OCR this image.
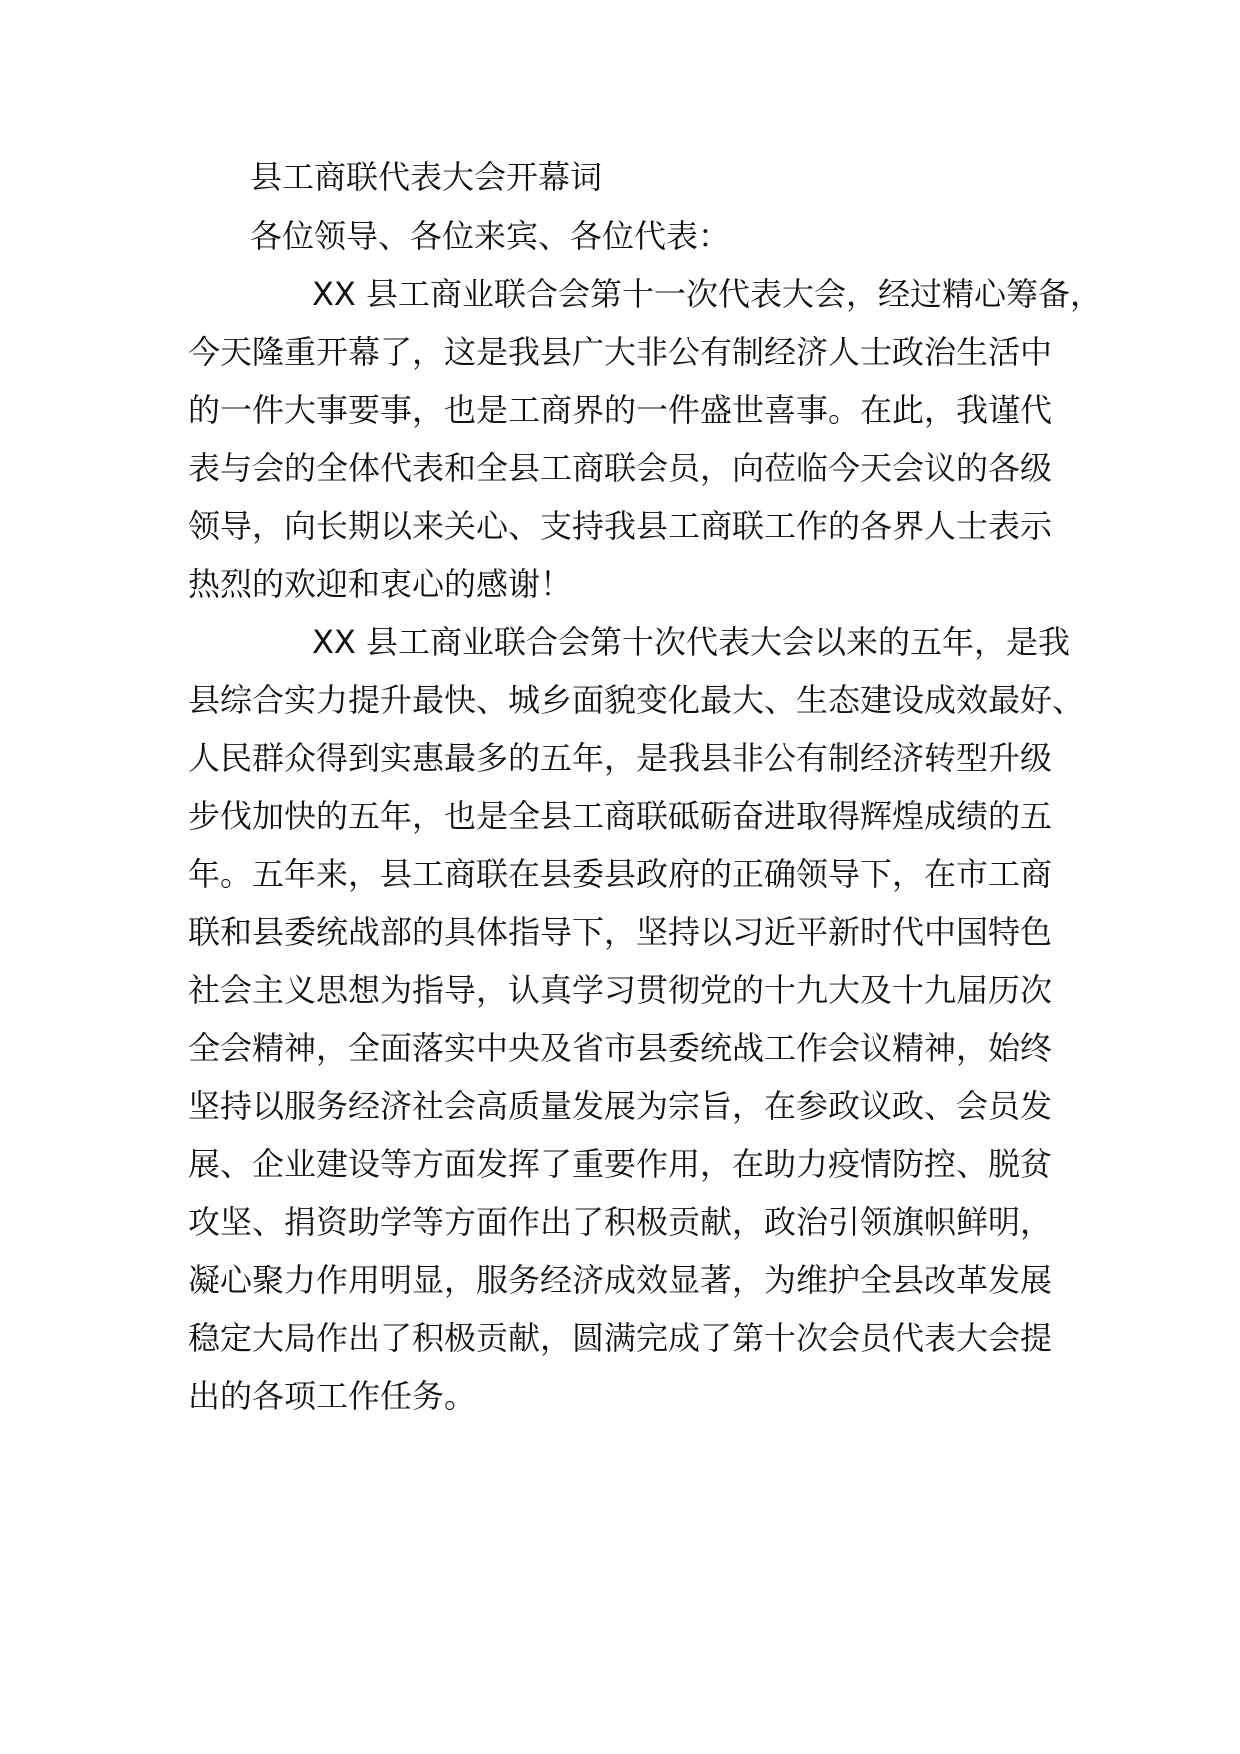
县工商联代表大会开幕词
各位领导、各位来宾、各位代表：
XX 县工商业联合会第十一次代表大会，经过精心筹备，
今天隆重开幕了，这是我县广大非公有制经济人士政治生活中
的一件大事要事，也是工商界的一件盛世喜事。在此，我谨代
表与会的全体代表和全县工商联会员，向莅临今天会议的各级
领导，向长期以来关心、支持我县工商联工作的各界人士表示
热烈的欢迎和衷心的感谢！
XX 县工商业联合会第十次代表大会以来的五年，是我
县综合实力提升最快、城乡面貌变化最大、生态建设成效最好、
人民群众得到实惠最多的五年，是我县非公有制经济转型升级
步伐加快的五年，也是全县工商联砥砺奋进取得辉煌成绩的五
年。五年来，县工商联在县委县政府的正确领导下，在市工商
联和县委统战部的具体指导下，坚持以习近平新时代中国特色
社会主义思想为指导，认真学习贯彻党的十九大及十九届历次
全会精神，全面落实中央及省市县委统战工作会议精神，始终
坚持以服务经济社会高质量发展为宗旨，在参政议政、会员发
展、企业建设等方面发挥了重要作用，在助力疫情防控、脱贫
攻坚、捐资助学等方面作出了积极贡献，政治引领旗帜鲜明，
凝心聚力作用明显，服务经济成效显著，为维护全县改革发展
稳定大局作出了积极贡献，圆满完成了第十次会员代表大会提
出的各项工作任务。
